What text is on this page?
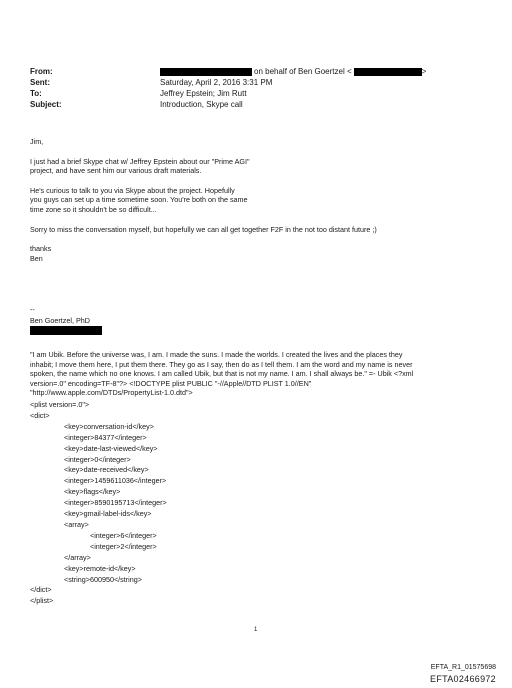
From:	on behalf of Ben Goertzel <	>
Sent:	Saturday, April 2, 2016 3:31 PM
To:	Jeffrey Epstein; Jim Rutt
Subject:	Introduction, Skype call

Jim,

I just had a brief Skype chat w/ Jeffrey Epstein about our "Prime AGI"

project, and have sent him our various draft materials.

He's curious to talk to you via Skype about the project. Hopefully

you guys can set up a time sometime soon. You're both on the same

time zone so it shouldn't be so difficult...

Sorry to miss the conversation myself, but hopefully we can all get together F2F in the not too distant future ;)

thanks

Ben

--
Ben Goertzel, PhD

"I am Ubik. Before the universe was, I am. I made the suns. I made the worlds. I created the lives and the places they

inhabit; I move them here, I put them there. They go as I say, then do as I tell them. I am the word and my name is never

spoken, the name which no one knows. I am called Ubik, but that is not my name. I am. I shall always be." =- Ubik <?xml

version=.0" encoding=TF-8"?> <!DOCTYPE plist PUBLIC "-//Apple//DTD PLIST 1.0//EN"

"http://www.apple.com/DTDs/PropertyList-1.0.dtd">

<plist version=.0">
<dict>
<key>conversation-id</key>
<integer>84377</integer>
<key>date-last-viewed</key>
<integer>0</integer>
<key>date-received</key>
<integer>1459611036</integer>
<key>flags</key>
<integer>8590195713</integer>
<key>gmail-label-ids</key>
<array>
<integer>6</integer>
<integer>2</integer>
</array>
<key>remote-id</key>
<string>600950</string>
</dict>
</plist>
1
EFTA_R1_01575698
EFTA02466972
